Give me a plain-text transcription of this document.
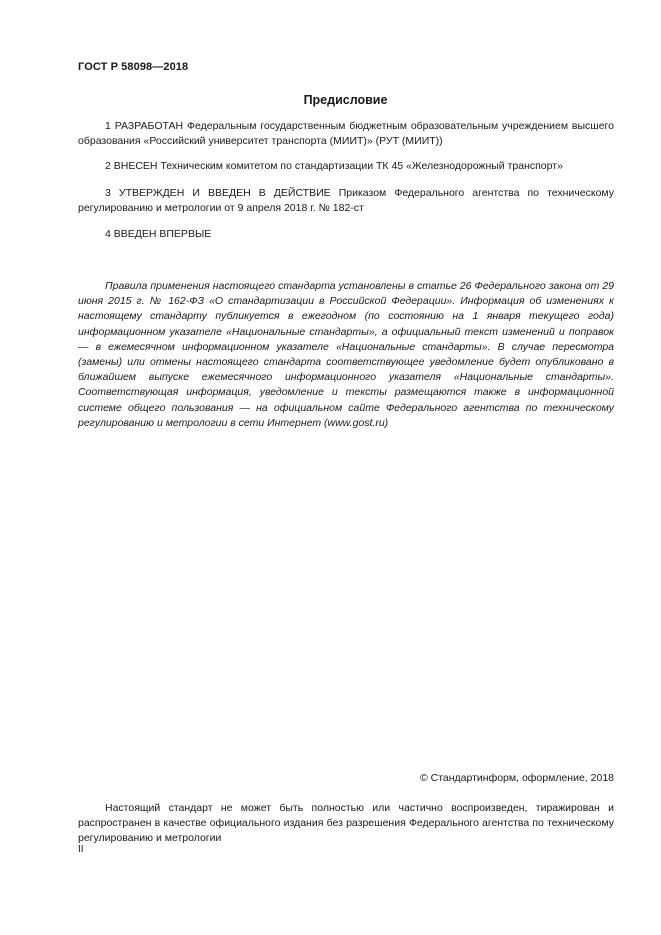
ГОСТ Р 58098—2018
Предисловие

1 РАЗРАБОТАН Федеральным государственным бюджетным образовательным учреждением высшего образования «Российский университет транспорта (МИИТ)» (РУТ (МИИТ))

2 ВНЕСЕН Техническим комитетом по стандартизации ТК 45 «Железнодорожный транспорт»

3 УТВЕРЖДЕН И ВВЕДЕН В ДЕЙСТВИЕ Приказом Федерального агентства по техническому регулированию и метрологии от 9 апреля 2018 г. № 182-ст

4 ВВЕДЕН ВПЕРВЫЕ

Правила применения настоящего стандарта установлены в статье 26 Федерального закона от 29 июня 2015 г. № 162-ФЗ «О стандартизации в Российской Федерации». Информация об изменениях к настоящему стандарту публикуется в ежегодном (по состоянию на 1 января текущего года) информационном указателе «Национальные стандарты», а официальный текст изменений и поправок — в ежемесячном информационном указателе «Национальные стандарты». В случае пересмотра (замены) или отмены настоящего стандарта соответствующее уведомление будет опубликовано в ближайшем выпуске ежемесячного информационного указателя «Национальные стандарты». Соответствующая информация, уведомление и тексты размещаются также в информационной системе общего пользования — на официальном сайте Федерального агентства по техническому регулированию и метрологии в сети Интернет (www.gost.ru)

© Стандартинформ, оформление, 2018

Настоящий стандарт не может быть полностью или частично воспроизведен, тиражирован и распространен в качестве официального издания без разрешения Федерального агентства по техническому регулированию и метрологии

II
